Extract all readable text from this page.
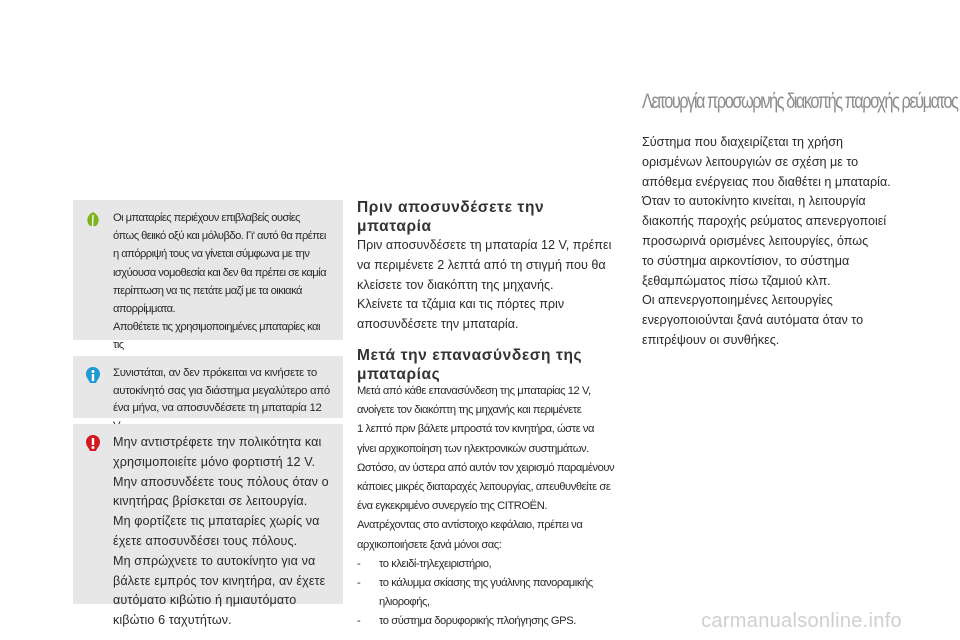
Οι μπαταρίες περιέχουν επιβλαβείς ουσίες

όπως θειικό οξύ και μόλυβδο. Γι' αυτό θα πρέπει

η απόρριψή τους να γίνεται σύμφωνα με την

ισχύουσα νομοθεσία και δεν θα πρέπει σε καμία

περίπτωση να τις πετάτε μαζί με τα οικιακά

απορρίμματα.

Αποθέτετε τις χρησιμοποιημένες μπαταρίες και τις

Συνιστάται, αν δεν πρόκειται να κινήσετε το

αυτοκίνητό σας για διάστημα μεγαλύτερο από

ένα μήνα, να αποσυνδέσετε τη μπαταρία 12

Μην αντιστρέφετε την πολικότητα και

χρησιμοποιείτε μόνο φορτιστή 12 V.

Μην αποσυνδέετε τους πόλους όταν ο

κινητήρας βρίσκεται σε λειτουργία.

Μη φορτίζετε τις μπαταρίες χωρίς να

έχετε αποσυνδέσει τους πόλους.

Μη σπρώχνετε το αυτοκίνητο για να

βάλετε εμπρός τον κινητήρα, αν έχετε

αυτόματο κιβώτιο ή ημιαυτόματο

κιβώτιο 6 ταχυτήτων.

Πριν αποσυνδέσετε την
μπαταρία
Πριν αποσυνδέσετε τη μπαταρία 12 V, πρέπει
να περιμένετε 2 λεπτά από τη στιγμή που θα
κλείσετε τον διακόπτη της μηχανής.
Κλείνετε τα τζάμια και τις πόρτες πριν
αποσυνδέσετε την μπαταρία.
Μετά την επανασύνδεση της
μπαταρίας

Μετά από κάθε επανασύνδεση της μπαταρίας 12 V,

ανοίγετε τον διακόπτη της μηχανής και περιμένετε

1 λεπτό πριν βάλετε μπροστά τον κινητήρα, ώστε να

γίνει αρχικοποίηση των ηλεκτρονικών συστημάτων.

Ωστόσο, αν ύστερα από αυτόν τον χειρισμό παραμένουν

κάποιες μικρές διαταραχές λειτουργίας, απευθυνθείτε σε

ένα εγκεκριμένο συνεργείο της CITROËN.

Ανατρέχοντας στο αντίστοιχο κεφάλαιο, πρέπει να

αρχικοποιήσετε ξανά μόνοι σας:

- το κλειδί-τηλεχειριστήριο,
- το κάλυμμα σκίασης της γυάλινης πανοραμικής
ηλιοροφής,
- το σύστημα δορυφορικής πλοήγησης GPS.
Λειτουργία προσωρινής διακοπής παροχής ρεύματος
Σύστημα που διαχειρίζεται τη χρήση
ορισμένων λειτουργιών σε σχέση με το
απόθεμα ενέργειας που διαθέτει η μπαταρία.
Όταν το αυτοκίνητο κινείται, η λειτουργία
διακοπής παροχής ρεύματος απενεργοποιεί
προσωρινά ορισμένες λειτουργίες, όπως
το σύστημα αιρκοντίσιον, το σύστημα
ξεθαμπώματος πίσω τζαμιού κλπ.
Οι απενεργοποιημένες λειτουργίες
ενεργοποιούνται ξανά αυτόματα όταν το
επιτρέψουν οι συνθήκες.

carmanualsonline.info
